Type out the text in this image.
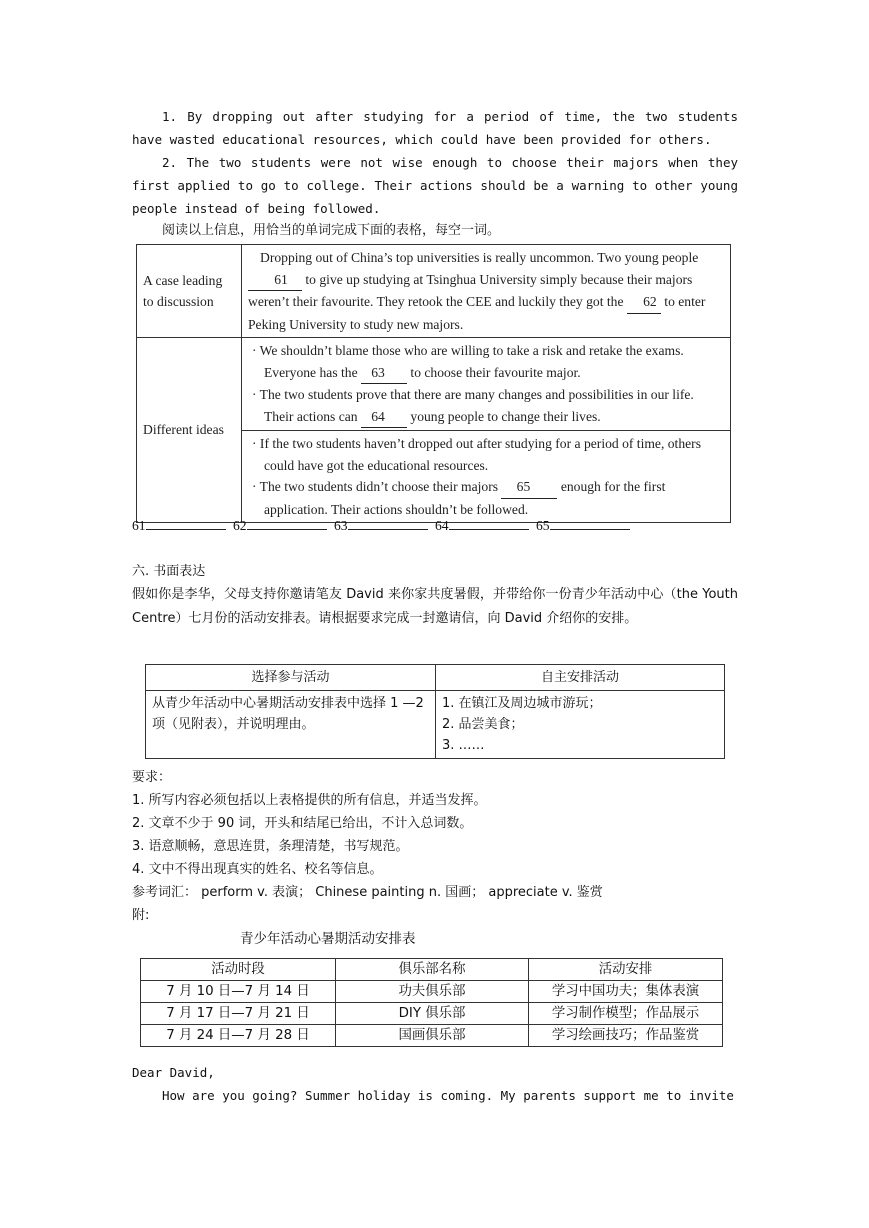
1. By dropping out after studying for a period of time, the two students have wasted educational resources, which could have been provided for others.
2. The two students were not wise enough to choose their majors when they first applied to go to college. Their actions should be a warning to other young people instead of being followed.
阅读以上信息，用恰当的单词完成下面的表格，每空一词。
A case leading to discussion	Dropping out of China’s top universities is really uncommon. Two young people 61 to give up studying at Tsinghua University simply because their majors weren’t their favourite. They retook the CEE and luckily they got the 62 to enter Peking University to study new majors.
Different ideas	· We shouldn’t blame those who are willing to take a risk and retake the exams. Everyone has the 63 to choose their favourite major.
· The two students prove that there are many changes and possibilities in our life. Their actions can 64 young people to change their lives.

	· If the two students haven’t dropped out after studying for a period of time, others could have got the educational resources.
· The two students didn’t choose their majors 65 enough for the first application. Their actions shouldn’t be followed.
61	62	63	64	65
六. 书面表达
假如你是李华，父母支持你邀请笔友 David 来你家共度暑假，并带给你一份青少年活动中心（the Youth Centre）七月份的活动安排表。请根据要求完成一封邀请信，向 David 介绍你的安排。
选择参与活动	自主安排活动
从青少年活动中心暑期活动安排表中选择 1 —2项（见附表），并说明理由。	1. 在镇江及周边城市游玩；
2. 品尝美食；
3. ……
要求：
1. 所写内容必须包括以上表格提供的所有信息，并适当发挥。
2. 文章不少于 90 词，开头和结尾已给出，不计入总词数。
3. 语意顺畅，意思连贯，条理清楚，书写规范。
4. 文中不得出现真实的姓名、校名等信息。
参考词汇： perform v. 表演； Chinese painting n. 国画； appreciate v. 鉴赏
附:
青少年活动心暑期活动安排表
活动时段	俱乐部名称	活动安排
7 月 10 日—7 月 14 日	功夫俱乐部	学习中国功夫；集体表演
7 月 17 日—7 月 21 日	DIY 俱乐部	学习制作模型；作品展示
7 月 24 日—7 月 28 日	国画俱乐部	学习绘画技巧；作品鉴赏
Dear David,
How are you going? Summer holiday is coming. My parents support me to invite
